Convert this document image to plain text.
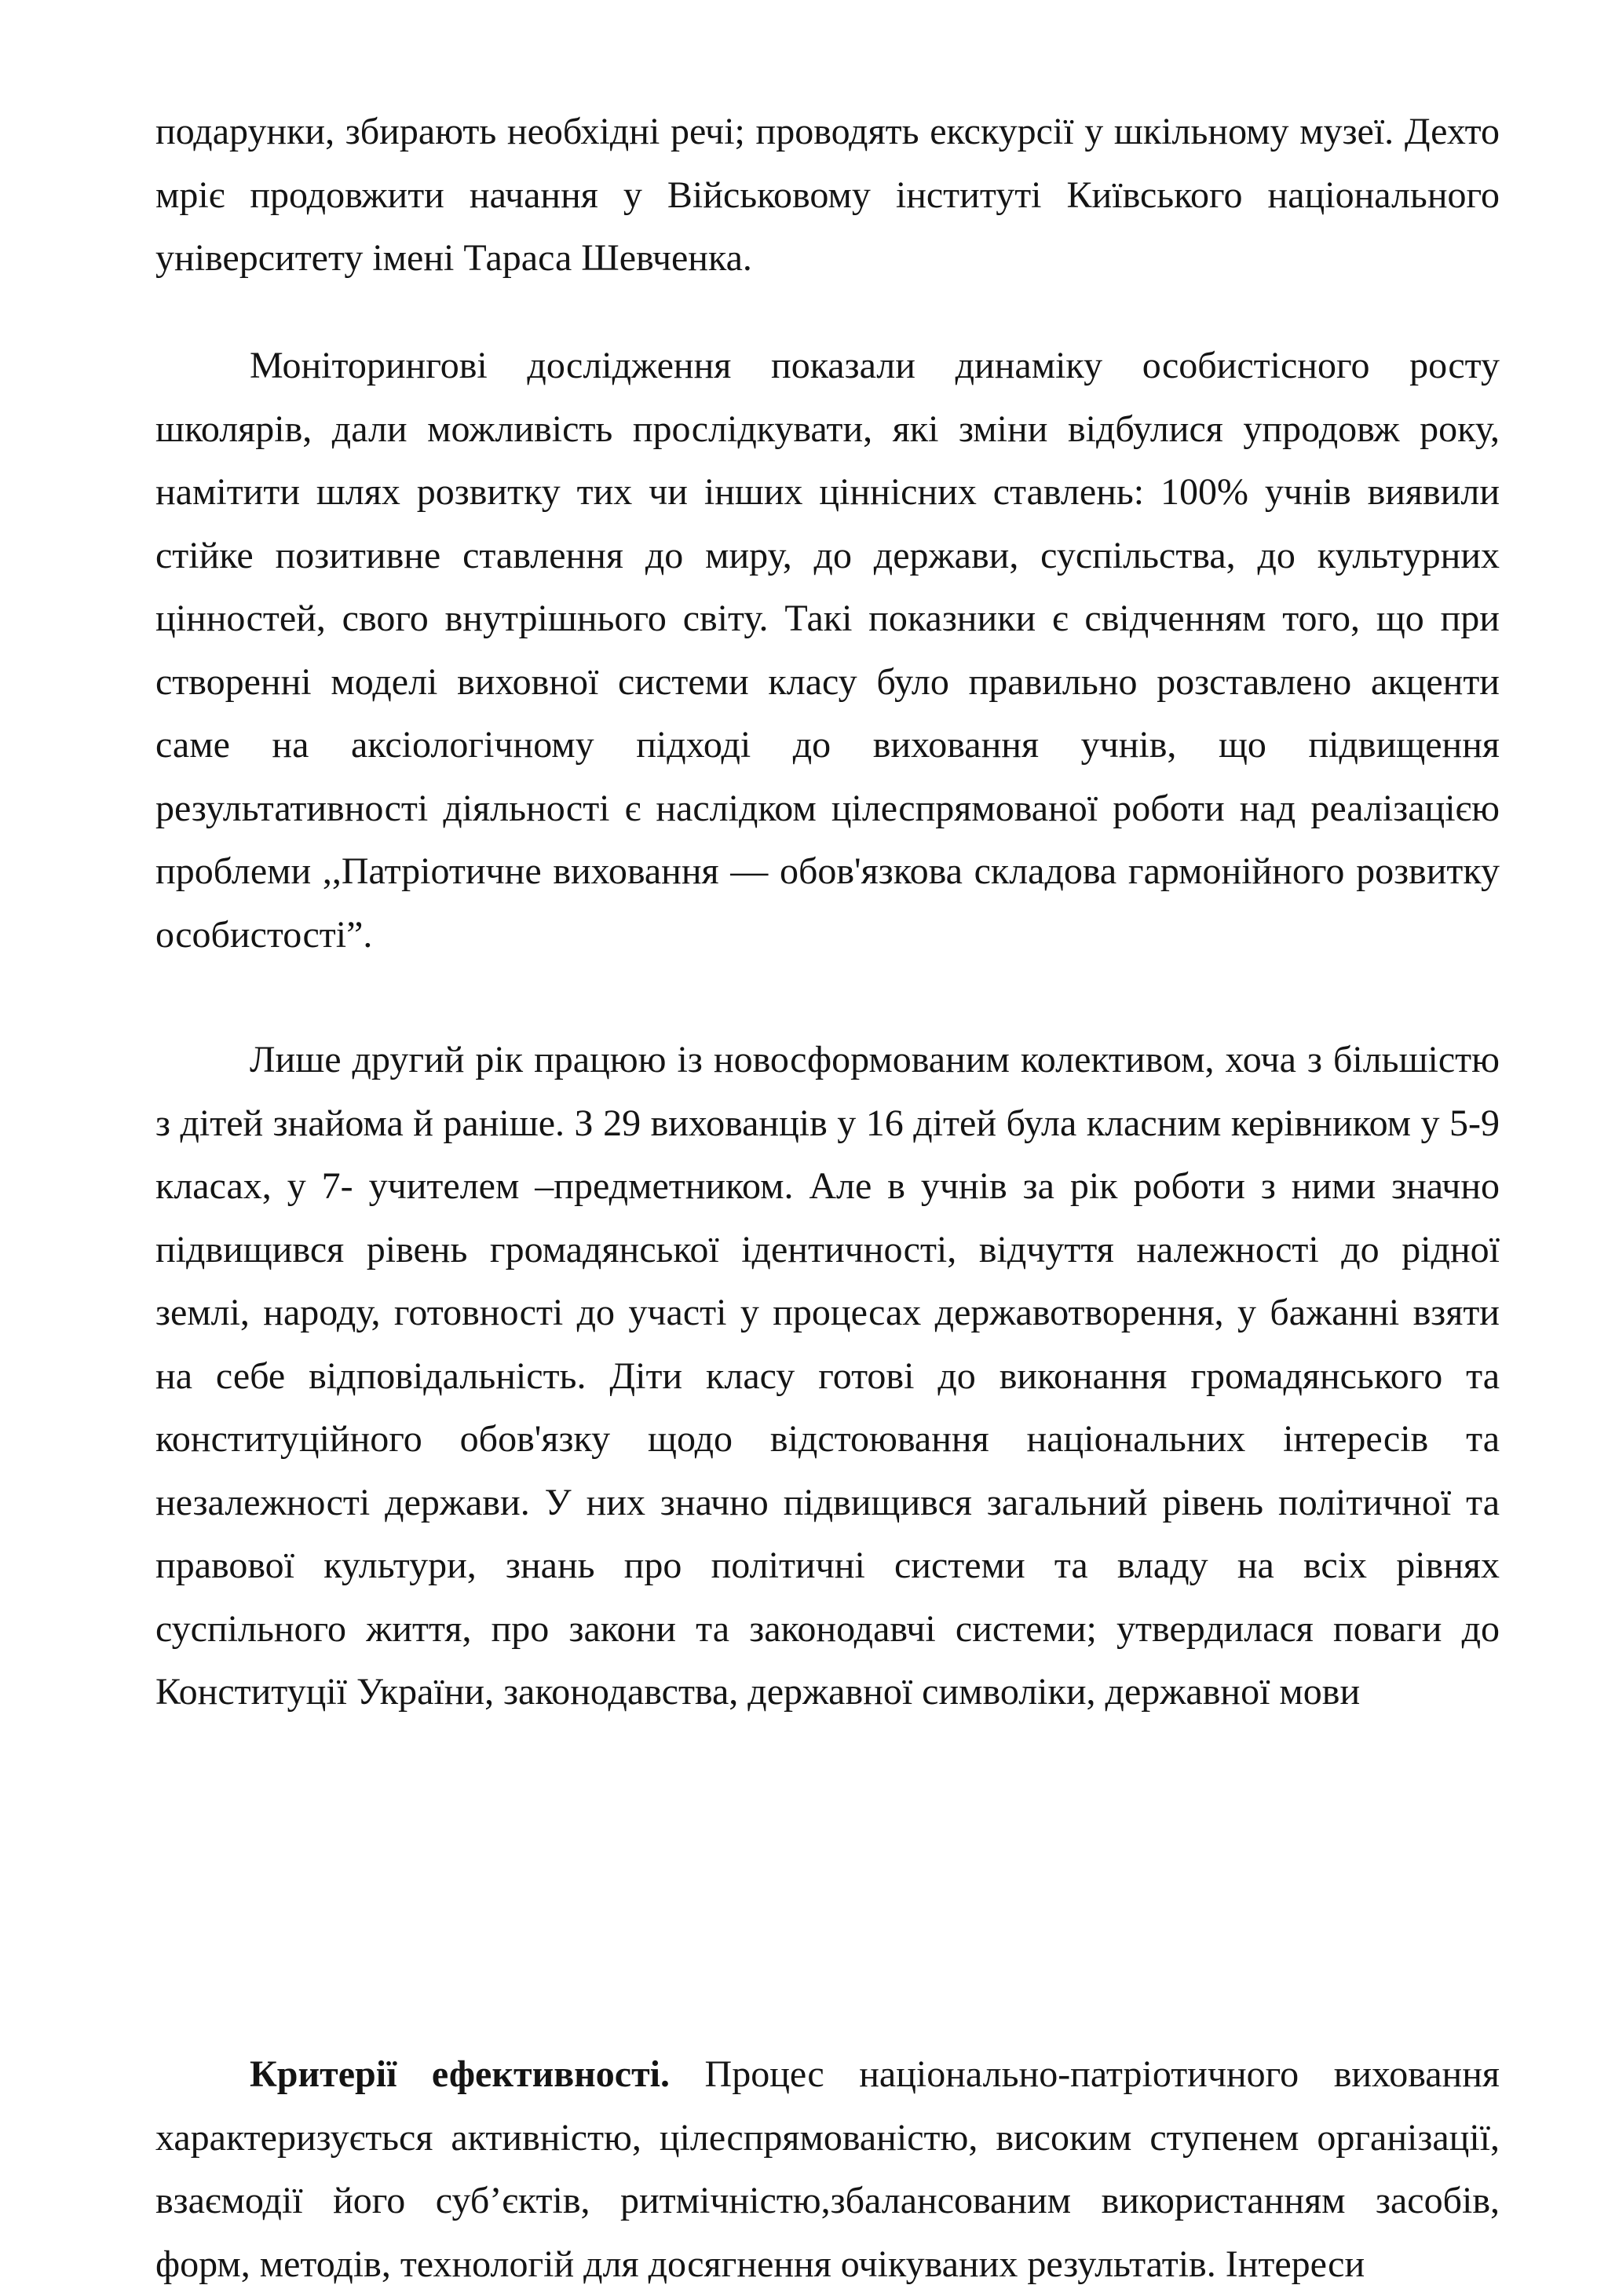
подарунки, збирають необхідні речі; проводять екскурсії у шкільному музеї. Дехто мріє продовжити начання у Військовому інституті Київського національного університету імені Тараса Шевченка.

Моніторингові дослідження показали динаміку особистісного росту школярів, дали можливість прослідкувати, які зміни відбулися упродовж року, намітити шлях розвитку тих чи інших ціннісних ставлень: 100% учнів виявили стійке позитивне ставлення до миру, до держави, суспільства, до культурних цінностей, свого внутрішнього світу. Такі показники є свідченням того, що при створенні моделі виховної системи класу було правильно розставлено акценти саме на аксіологічному підході до виховання учнів, що підвищення результативності діяльності є наслідком цілеспрямованої роботи над реалізацією проблеми ,,Патріотичне виховання — обов'язкова складова гармонійного розвитку особистості”.

Лише другий рік працюю із новосформованим колективом, хоча з більшістю з дітей знайома й раніше. З 29 вихованців у 16 дітей була класним керівником у 5-9 класах, у 7- учителем –предметником. Але в учнів за рік роботи з ними значно підвищився рівень громадянської ідентичності, відчуття належності до рідної землі, народу, готовності до участі у процесах державотворення, у бажанні взяти на себе відповідальність. Діти класу готові до виконання громадянського та конституційного обов'язку щодо відстоювання національних інтересів та незалежності держави. У них значно підвищився загальний рівень політичної та правової культури, знань про політичні системи та владу на всіх рівнях суспільного життя, про закони та законодавчі системи; утвердилася поваги до Конституції України, законодавства, державної символіки, державної мови

Критерії ефективності. Процес національно-патріотичного виховання характеризується активністю, цілеспрямованістю, високим ступенем організації, взаємодії його суб’єктів, ритмічністю,збалансованим використанням засобів, форм, методів, технологій для досягнення очікуваних результатів. Інтереси
